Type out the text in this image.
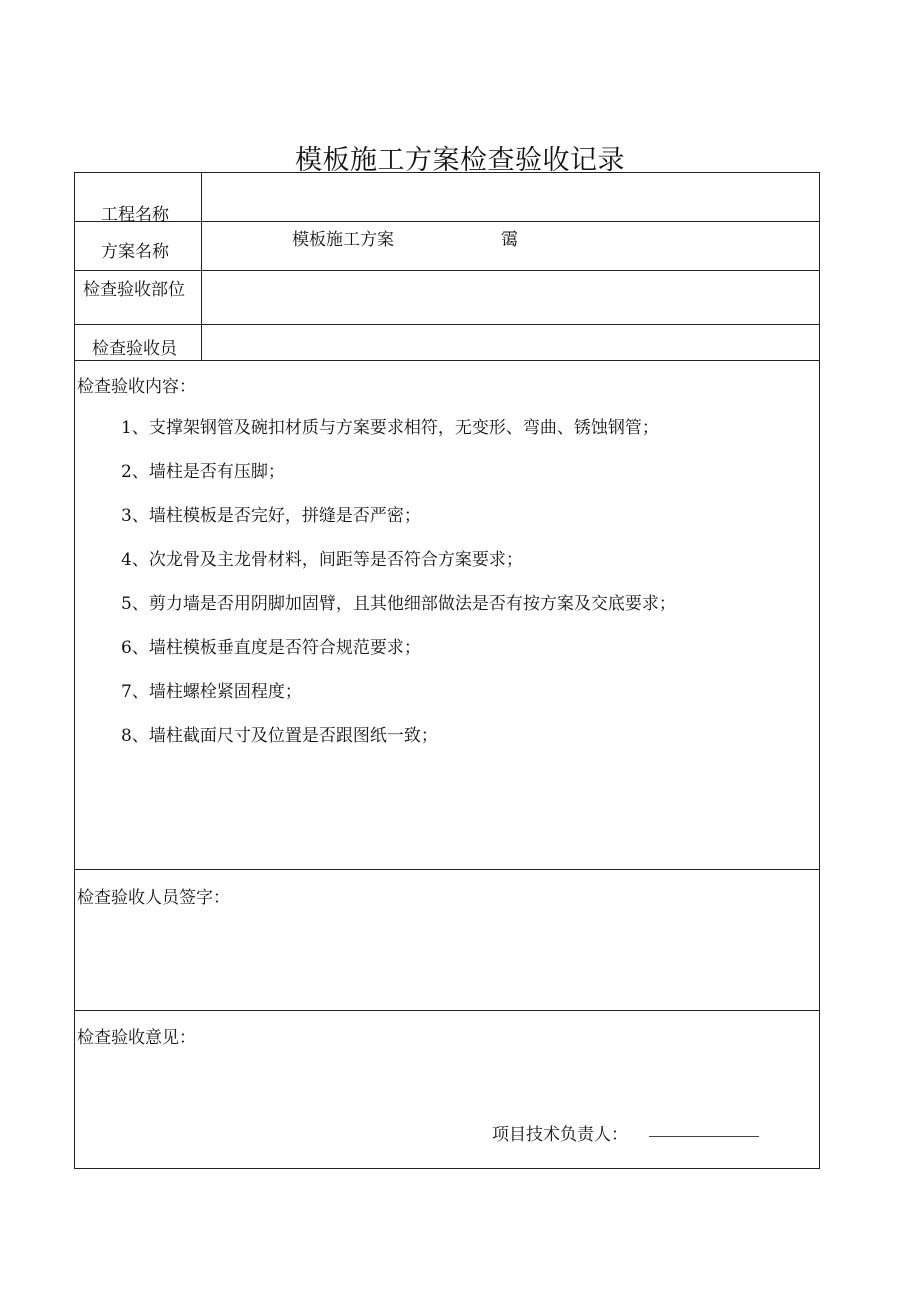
模板施工方案检查验收记录
工程名称
方案名称
模板施工方案	霭
检查验收部位
检查验收员
检查验收内容：
1、支撑架钢管及碗扣材质与方案要求相符，无变形、弯曲、锈蚀钢管；
2、墙柱是否有压脚；
3、墙柱模板是否完好，拼缝是否严密；
4、次龙骨及主龙骨材料，间距等是否符合方案要求；
5、剪力墙是否用阴脚加固臂，且其他细部做法是否有按方案及交底要求；
6、墙柱模板垂直度是否符合规范要求；
7、墙柱螺栓紧固程度；
8、墙柱截面尺寸及位置是否跟图纸一致；
检查验收人员签字：
检查验收意见：
项目技术负责人：
